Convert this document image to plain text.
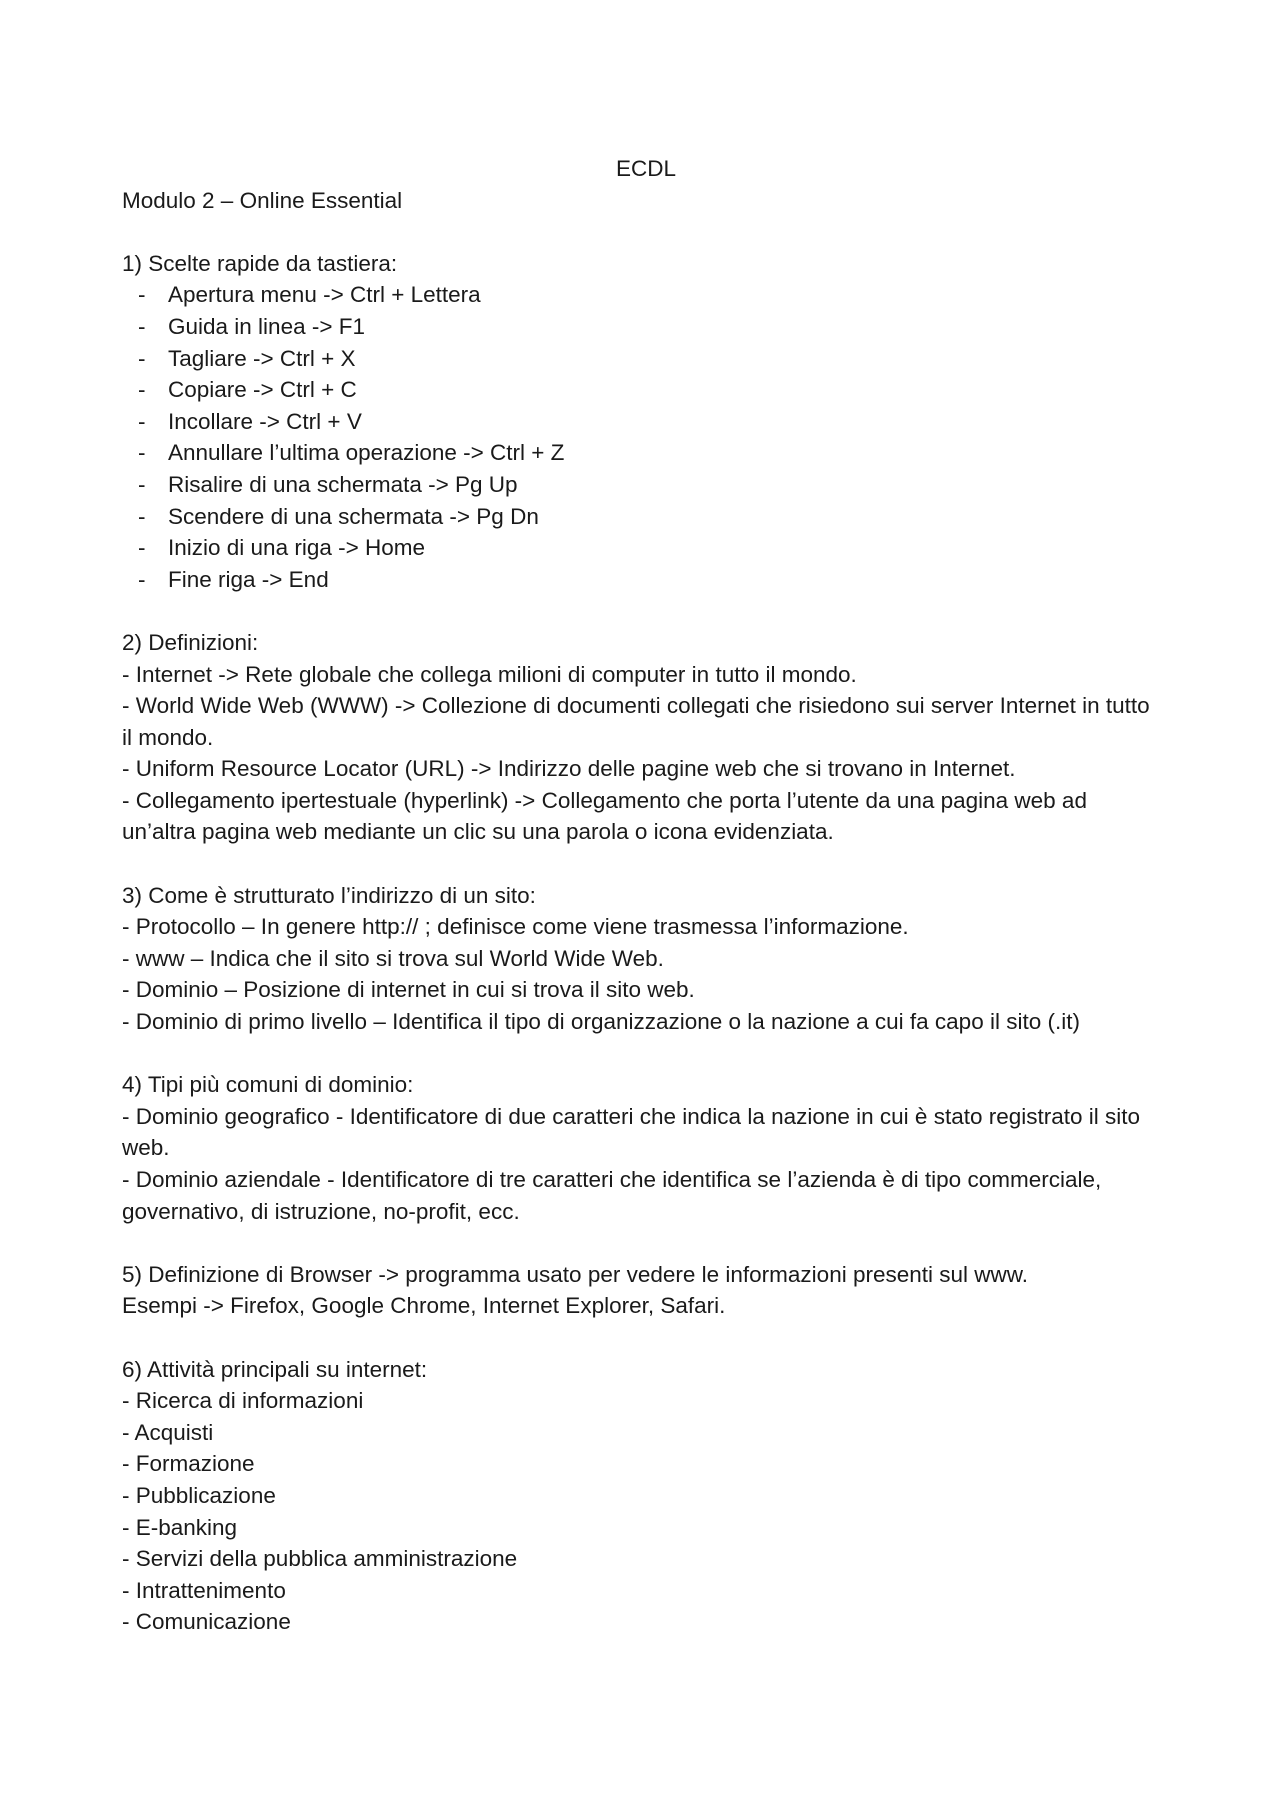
ECDL

Modulo 2 – Online Essential

1) Scelte rapide da tastiera:

- Apertura menu -> Ctrl + Lettera

- Guida in linea -> F1

- Tagliare -> Ctrl + X

- Copiare -> Ctrl + C

- Incollare -> Ctrl + V

- Annullare l’ultima operazione -> Ctrl + Z

- Risalire di una schermata -> Pg Up

- Scendere di una schermata -> Pg Dn

- Inizio di una riga -> Home

- Fine riga -> End

2) Definizioni:

- Internet -> Rete globale che collega milioni di computer in tutto il mondo.

- World Wide Web (WWW) -> Collezione di documenti collegati che risiedono sui server Internet in tutto il mondo.

- Uniform Resource Locator (URL) -> Indirizzo delle pagine web che si trovano in Internet.

- Collegamento ipertestuale (hyperlink) -> Collegamento che porta l’utente da una pagina web ad un’altra pagina web mediante un clic su una parola o icona evidenziata.

3) Come è strutturato l’indirizzo di un sito:

- Protocollo – In genere http:// ; definisce come viene trasmessa l’informazione.

- www – Indica che il sito si trova sul World Wide Web.

- Dominio – Posizione di internet in cui si trova il sito web.

- Dominio di primo livello – Identifica il tipo di organizzazione o la nazione a cui fa capo il sito (.it)

4) Tipi più comuni di dominio:

- Dominio geografico - Identificatore di due caratteri che indica la nazione in cui è stato registrato il sito web.

- Dominio aziendale - Identificatore di tre caratteri che identifica se l’azienda è di tipo commerciale, governativo, di istruzione, no-profit, ecc.

5) Definizione di Browser -> programma usato per vedere le informazioni presenti sul www.

Esempi -> Firefox, Google Chrome, Internet Explorer, Safari.

6) Attività principali su internet:

- Ricerca di informazioni

- Acquisti

- Formazione

- Pubblicazione

- E-banking

- Servizi della pubblica amministrazione

- Intrattenimento

- Comunicazione
